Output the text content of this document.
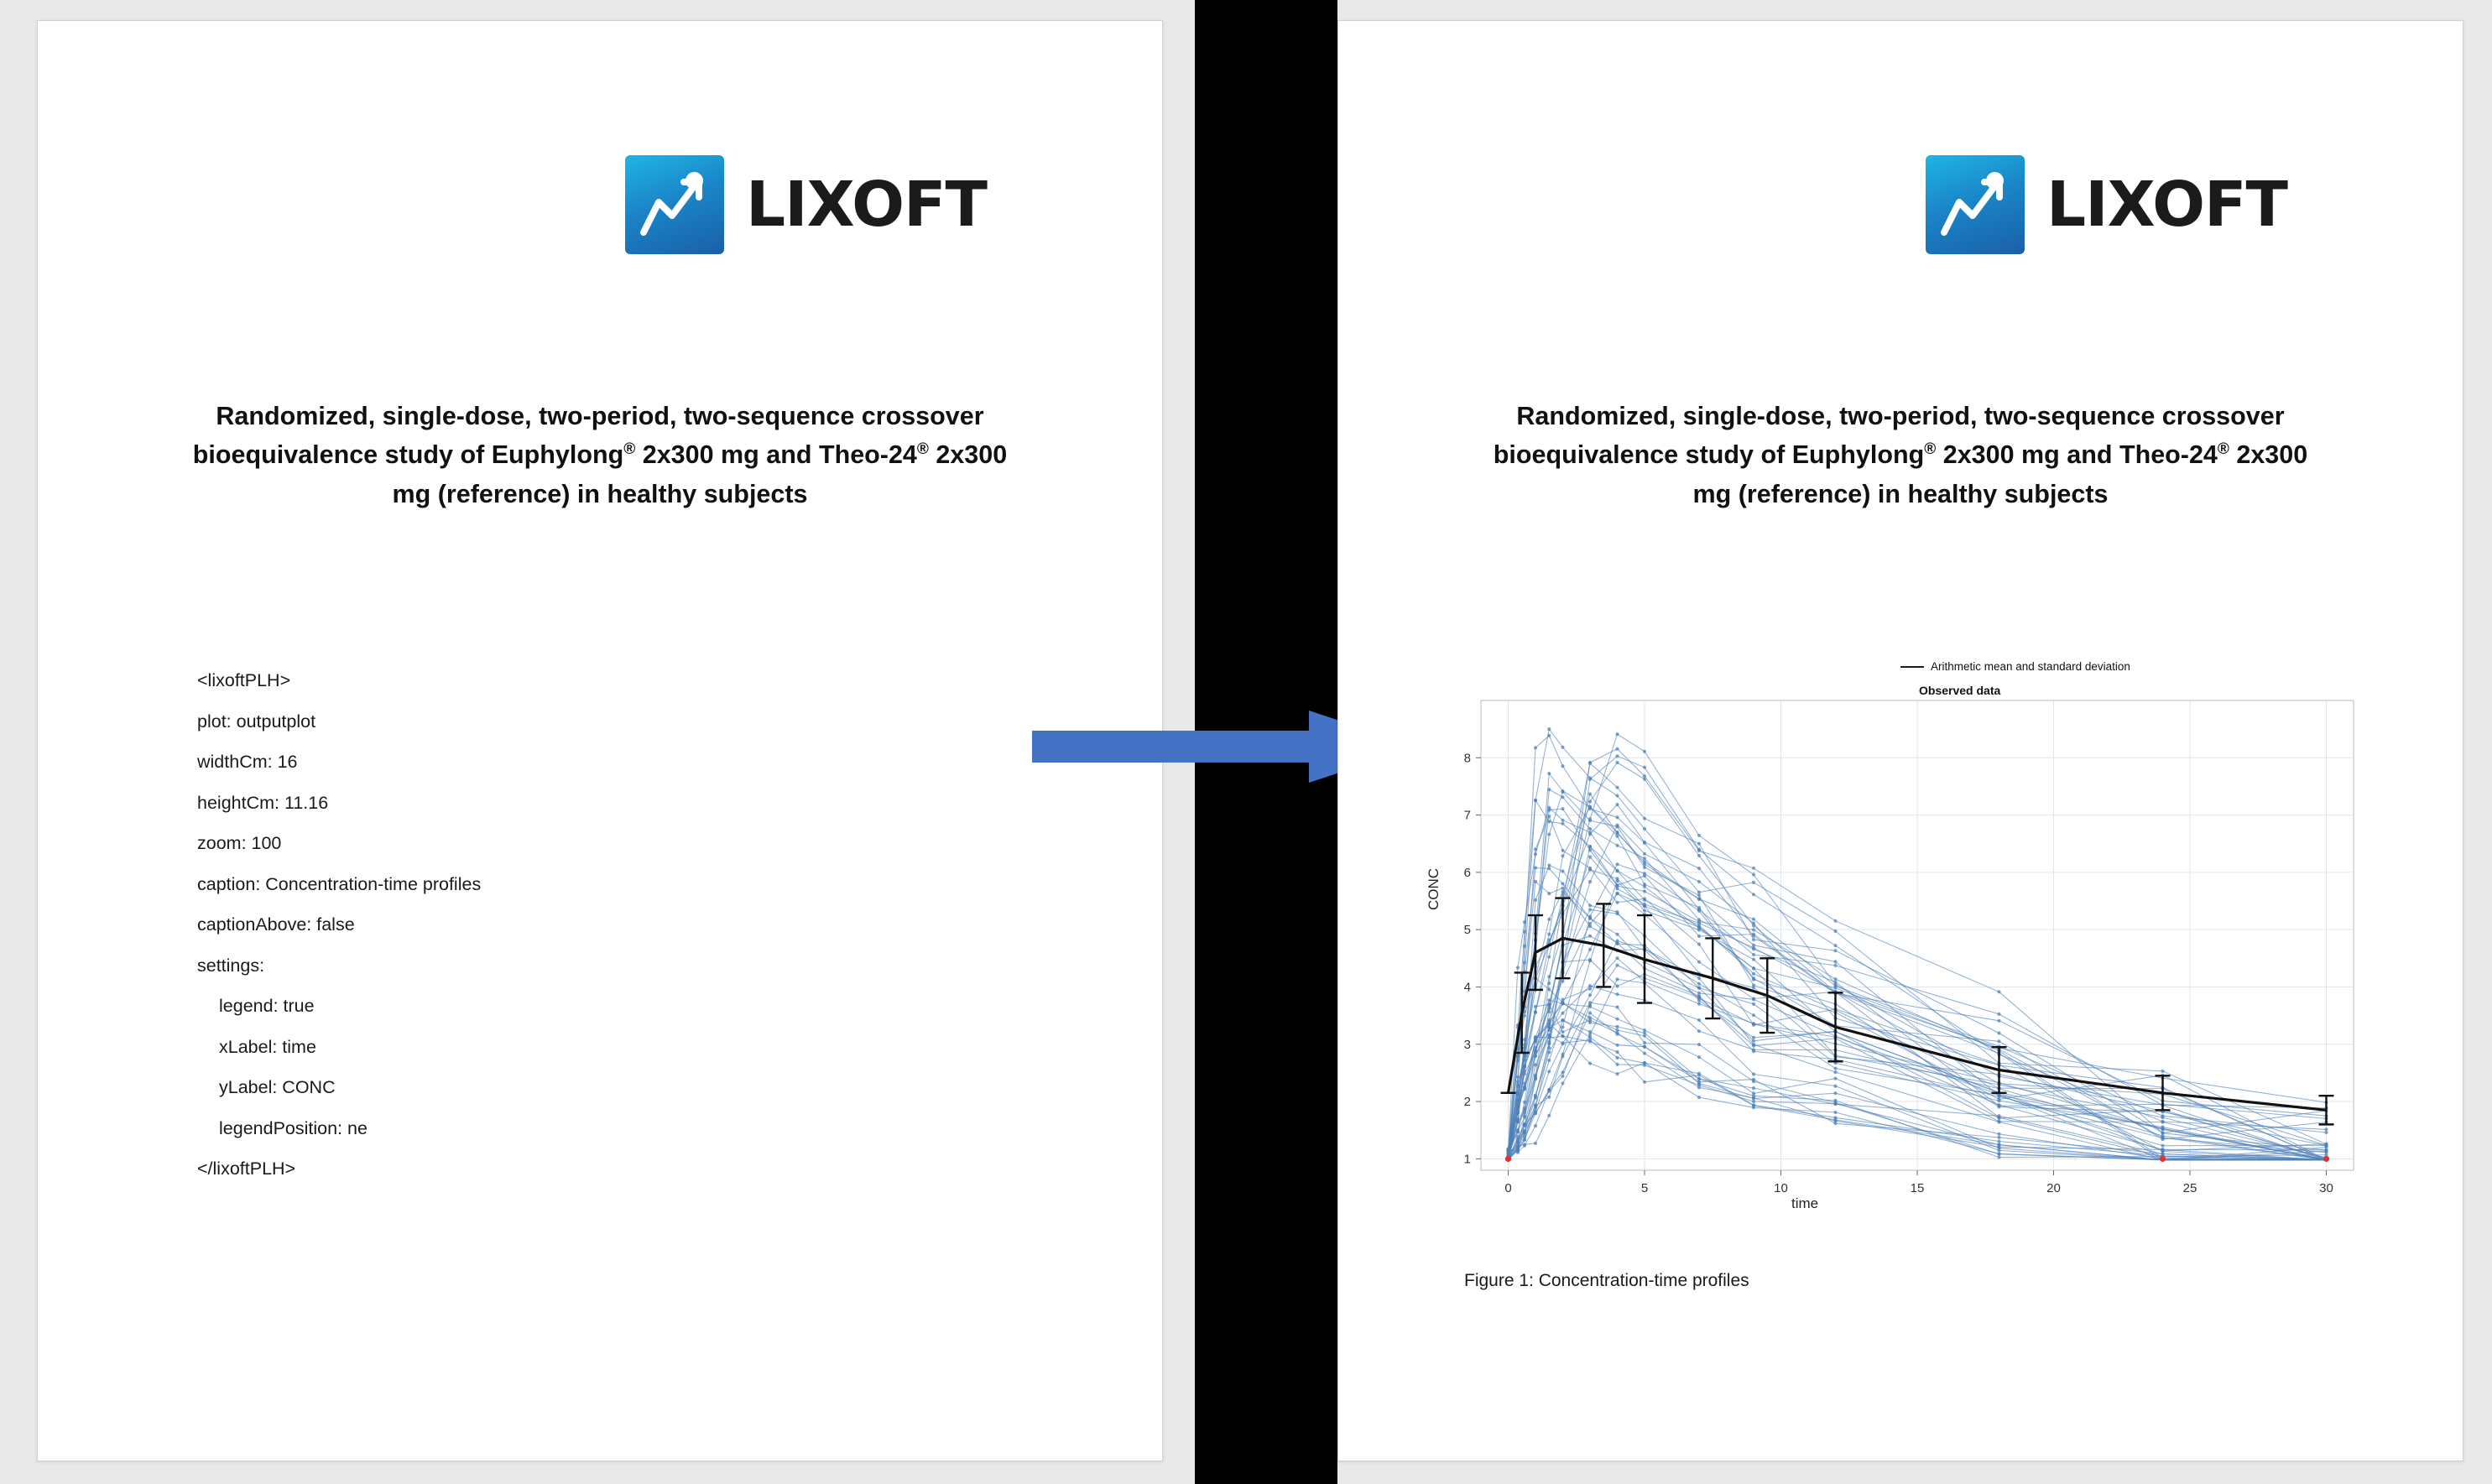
LIXOFT
Randomized, single-dose, two-period, two-sequence crossover
bioequivalence study of Euphylong® 2x300 mg and Theo-24® 2x300
mg (reference) in healthy subjects
<lixoftPLH>
plot: outputplot
widthCm: 16
heightCm: 11.16
zoom: 100
caption: Concentration-time profiles
captionAbove: false
settings:
legend: true
xLabel: time
yLabel: CONC
legendPosition: ne
</lixoftPLH>
LIXOFT
Randomized, single-dose, two-period, two-sequence crossover
bioequivalence study of Euphylong® 2x300 mg and Theo-24® 2x300
mg (reference) in healthy subjects
Arithmetic mean and standard deviation
Observed data
CONC
time
1
2
3
4
5
6
7
8
0	5	10	15	20	25	30
Figure 1: Concentration-time profiles
